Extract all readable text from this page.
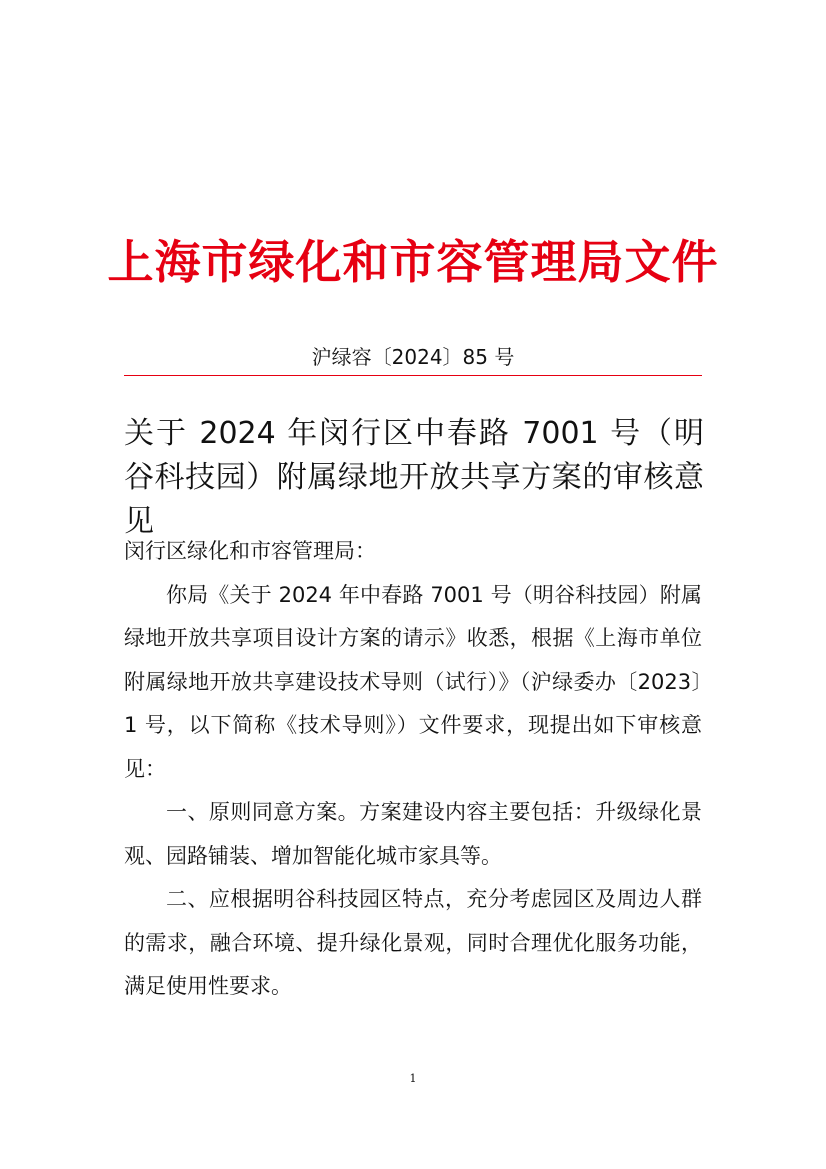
上海市绿化和市容管理局文件
沪绿容〔2024〕85 号
关于 2024 年闵行区中春路 7001 号（明谷科技园）附属绿地开放共享方案的审核意见

闵行区绿化和市容管理局：

你局《关于 2024 年中春路 7001 号（明谷科技园）附属绿地开放共享项目设计方案的请示》收悉，根据《上海市单位附属绿地开放共享建设技术导则（试行）》（沪绿委办〔2023〕1 号，以下简称《技术导则》）文件要求，现提出如下审核意见：

一、原则同意方案。方案建设内容主要包括：升级绿化景观、园路铺装、增加智能化城市家具等。

二、应根据明谷科技园区特点，充分考虑园区及周边人群的需求，融合环境、提升绿化景观，同时合理优化服务功能，满足使用性要求。

1
